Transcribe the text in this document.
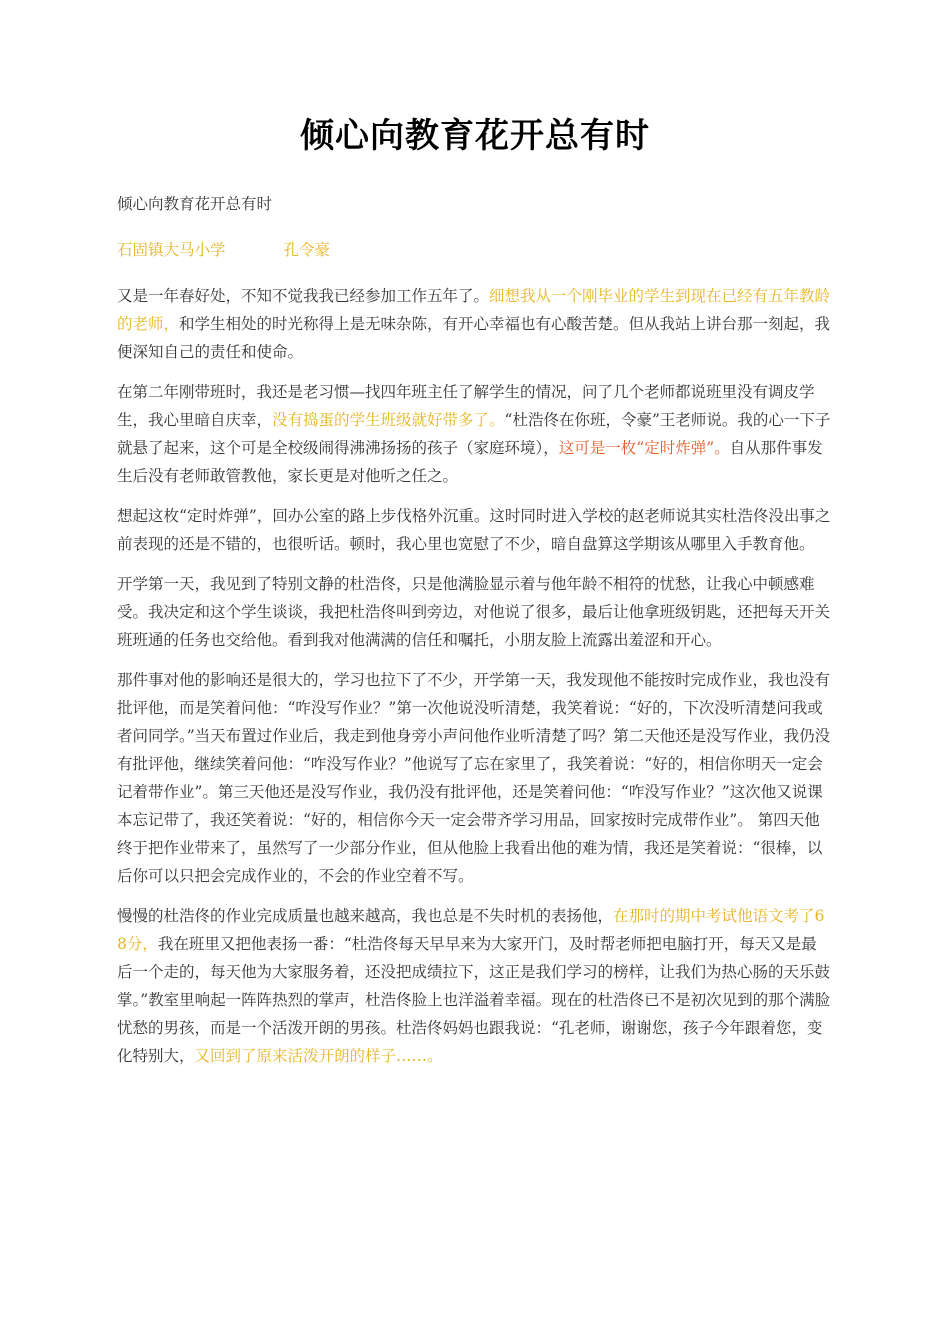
倾心向教育花开总有时

倾心向教育花开总有时

石固镇大马小学	孔令豪

又是一年春好处，不知不觉我我已经参加工作五年了。细想我从一个刚毕业的学生到现在已经有五年教龄的老师，和学生相处的时光称得上是无味杂陈，有开心幸福也有心酸苦楚。但从我站上讲台那一刻起，我便深知自己的责任和使命。

在第二年刚带班时，我还是老习惯—找四年班主任了解学生的情况，问了几个老师都说班里没有调皮学生，我心里暗自庆幸，没有捣蛋的学生班级就好带多了。“杜浩佟在你班，令豪”王老师说。我的心一下子就悬了起来，这个可是全校级闹得沸沸扬扬的孩子（家庭环境），这可是一枚“定时炸弹”。自从那件事发生后没有老师敢管教他，家长更是对他听之任之。

想起这枚“定时炸弹”，回办公室的路上步伐格外沉重。这时同时进入学校的赵老师说其实杜浩佟没出事之前表现的还是不错的，也很听话。顿时，我心里也宽慰了不少，暗自盘算这学期该从哪里入手教育他。

开学第一天，我见到了特别文静的杜浩佟，只是他满脸显示着与他年龄不相符的忧愁，让我心中顿感难受。我决定和这个学生谈谈，我把杜浩佟叫到旁边，对他说了很多，最后让他拿班级钥匙，还把每天开关班班通的任务也交给他。看到我对他满满的信任和嘱托，小朋友脸上流露出羞涩和开心。

那件事对他的影响还是很大的，学习也拉下了不少，开学第一天，我发现他不能按时完成作业，我也没有批评他，而是笑着问他：“咋没写作业？”第一次他说没听清楚，我笑着说：“好的，下次没听清楚问我或者问同学。”当天布置过作业后，我走到他身旁小声问他作业听清楚了吗？第二天他还是没写作业，我仍没有批评他，继续笑着问他：“咋没写作业？”他说写了忘在家里了，我笑着说：“好的，相信你明天一定会记着带作业”。第三天他还是没写作业，我仍没有批评他，还是笑着问他：“咋没写作业？”这次他又说课本忘记带了，我还笑着说：“好的，相信你今天一定会带齐学习用品，回家按时完成带作业”。 第四天他终于把作业带来了，虽然写了一少部分作业，但从他脸上我看出他的难为情，我还是笑着说：“很棒，以后你可以只把会完成作业的，不会的作业空着不写。

慢慢的杜浩佟的作业完成质量也越来越高，我也总是不失时机的表扬他，在那时的期中考试他语文考了68分，我在班里又把他表扬一番：“杜浩佟每天早早来为大家开门，及时帮老师把电脑打开，每天又是最后一个走的，每天他为大家服务着，还没把成绩拉下，这正是我们学习的榜样，让我们为热心肠的天乐鼓掌。”教室里响起一阵阵热烈的掌声，杜浩佟脸上也洋溢着幸福。现在的杜浩佟已不是初次见到的那个满脸忧愁的男孩，而是一个活泼开朗的男孩。杜浩佟妈妈也跟我说：“孔老师，谢谢您，孩子今年跟着您，变化特别大，又回到了原来活泼开朗的样子……。
